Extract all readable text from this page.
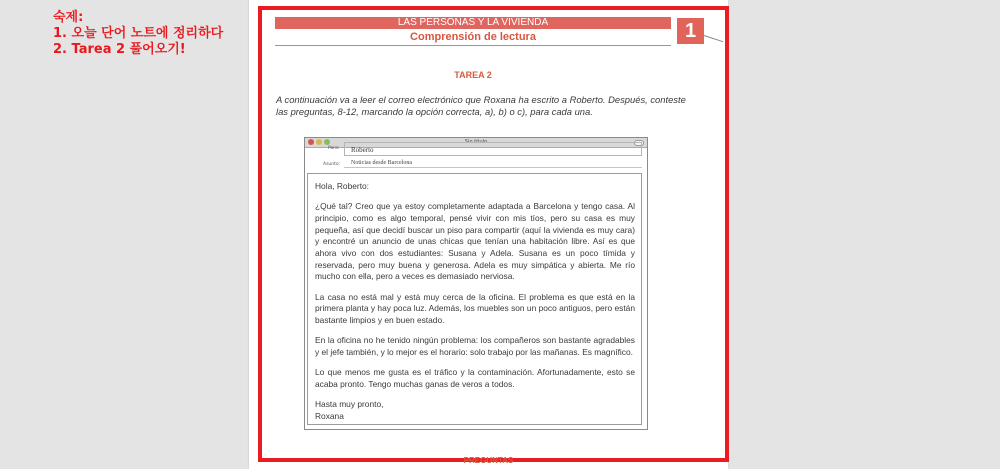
숙제:
1. 오늘 단어 노트에 정리하다
2. Tarea 2 풀어오기!
LAS PERSONAS Y LA VIVIENDA
Comprensión de lectura	1
TAREA 2
A continuación va a leer el correo electrónico que Roxana ha escrito a Roberto. Después, conteste las preguntas, 8-12, marcando la opción correcta, a), b) o c), para cada una.
Sin título
Para:	Roberto
Asunto: Noticias desde Barcelona

Hola, Roberto:

¿Qué tal? Creo que ya estoy completamente adaptada a Barcelona y tengo casa. Al principio, como es algo temporal, pensé vivir con mis tíos, pero su casa es muy pequeña, así que decidí buscar un piso para compartir (aquí la vivienda es muy cara) y encontré un anuncio de unas chicas que tenían una habitación libre. Así es que ahora vivo con dos estudiantes: Susana y Adela. Susana es un poco tímida y reservada, pero muy buena y generosa. Adela es muy simpática y abierta. Me río mucho con ella, pero a veces es demasiado nerviosa.

La casa no está mal y está muy cerca de la oficina. El problema es que está en la primera planta y hay poca luz. Además, los muebles son un poco antiguos, pero están bastante limpios y en buen estado.

En la oficina no he tenido ningún problema: los compañeros son bastante agradables y el jefe también, y lo mejor es el horario: solo trabajo por las mañanas. Es magnífico.

Lo que menos me gusta es el tráfico y la contaminación. Afortunadamente, esto se acaba pronto. Tengo muchas ganas de veros a todos.

Hasta muy pronto,

Roxana

PREGUNTAS
